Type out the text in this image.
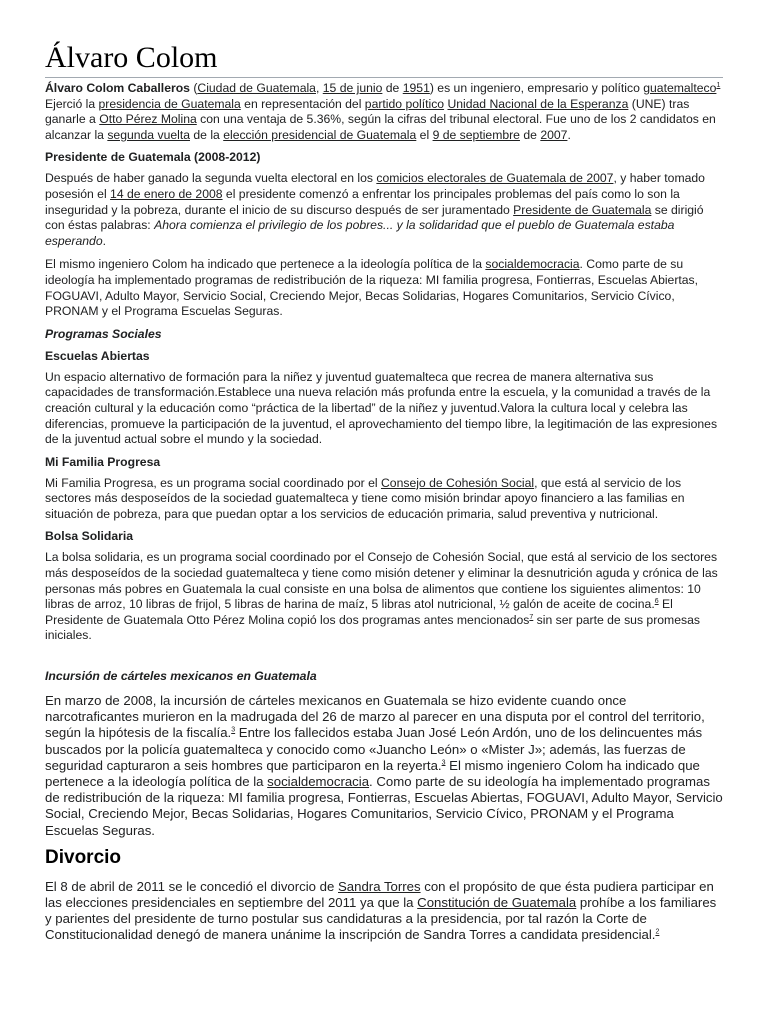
Álvaro Colom

Álvaro Colom Caballeros (Ciudad de Guatemala, 15 de junio de 1951) es un ingeniero, empresario y político guatemalteco$^1$ Ejerció la presidencia de Guatemala en representación del partido político Unidad Nacional de la Esperanza (UNE) tras ganarle a Otto Pérez Molina con una ventaja de 5.36%, según la cifras del tribunal electoral. Fue uno de los 2 candidatos en alcanzar la segunda vuelta de la elección presidencial de Guatemala el 9 de septiembre de 2007.

Presidente de Guatemala (2008-2012)

Después de haber ganado la segunda vuelta electoral en los comicios electorales de Guatemala de 2007, y haber tomado posesión el 14 de enero de 2008 el presidente comenzó a enfrentar los principales problemas del país como lo son la inseguridad y la pobreza, durante el inicio de su discurso después de ser juramentado Presidente de Guatemala se dirigió con éstas palabras: Ahora comienza el privilegio de los pobres... y la solidaridad que el pueblo de Guatemala estaba esperando.

El mismo ingeniero Colom ha indicado que pertenece a la ideología política de la socialdemocracia. Como parte de su ideología ha implementado programas de redistribución de la riqueza: MI familia progresa, Fontierras, Escuelas Abiertas, FOGUAVI, Adulto Mayor, Servicio Social, Creciendo Mejor, Becas Solidarias, Hogares Comunitarios, Servicio Cívico, PRONAM y el Programa Escuelas Seguras.

Programas Sociales
Escuelas Abiertas

Un espacio alternativo de formación para la niñez y juventud guatemalteca que recrea de manera alternativa sus capacidades de transformación.Establece una nueva relación más profunda entre la escuela, y la comunidad a través de la creación cultural y la educación como “práctica de la libertad” de la niñez y juventud.Valora la cultura local y celebra las diferencias, promueve la participación de la juventud, el aprovechamiento del tiempo libre, la legitimación de las expresiones de la juventud actual sobre el mundo y la sociedad.

Mi Familia Progresa

Mi Familia Progresa, es un programa social coordinado por el Consejo de Cohesión Social, que está al servicio de los sectores más desposeídos de la sociedad guatemalteca y tiene como misión brindar apoyo financiero a las familias en situación de pobreza, para que puedan optar a los servicios de educación primaria, salud preventiva y nutricional.

Bolsa Solidaria

La bolsa solidaria, es un programa social coordinado por el Consejo de Cohesión Social, que está al servicio de los sectores más desposeídos de la sociedad guatemalteca y tiene como misión detener y eliminar la desnutrición aguda y crónica de las personas más pobres en Guatemala la cual consiste en una bolsa de alimentos que contiene los siguientes alimentos: 10 libras de arroz, 10 libras de frijol, 5 libras de harina de maíz, 5 libras atol nutricional, ½ galón de aceite de cocina.$^6$ El Presidente de Guatemala Otto Pérez Molina copió los dos programas antes mencionados$^7$ sin ser parte de sus promesas iniciales.

Incursión de cárteles mexicanos en Guatemala

En marzo de 2008, la incursión de cárteles mexicanos en Guatemala se hizo evidente cuando once narcotraficantes murieron en la madrugada del 26 de marzo al parecer en una disputa por el control del territorio, según la hipótesis de la fiscalía.$^3$ Entre los fallecidos estaba Juan José León Ardón, uno de los delincuentes más buscados por la policía guatemalteca y conocido como «Juancho León» o «Mister J»; además, las fuerzas de seguridad capturaron a seis hombres que participaron en la reyerta.$^3$ El mismo ingeniero Colom ha indicado que pertenece a la ideología política de la socialdemocracia. Como parte de su ideología ha implementado programas de redistribución de la riqueza: MI familia progresa, Fontierras, Escuelas Abiertas, FOGUAVI, Adulto Mayor, Servicio Social, Creciendo Mejor, Becas Solidarias, Hogares Comunitarios, Servicio Cívico, PRONAM y el Programa Escuelas Seguras.

Divorcio

El 8 de abril de 2011 se le concedió el divorcio de Sandra Torres con el propósito de que ésta pudiera participar en las elecciones presidenciales en septiembre del 2011 ya que la Constitución de Guatemala prohíbe a los familiares y parientes del presidente de turno postular sus candidaturas a la presidencia, por tal razón la Corte de Constitucionalidad denegó de manera unánime la inscripción de Sandra Torres a candidata presidencial.$^2$
